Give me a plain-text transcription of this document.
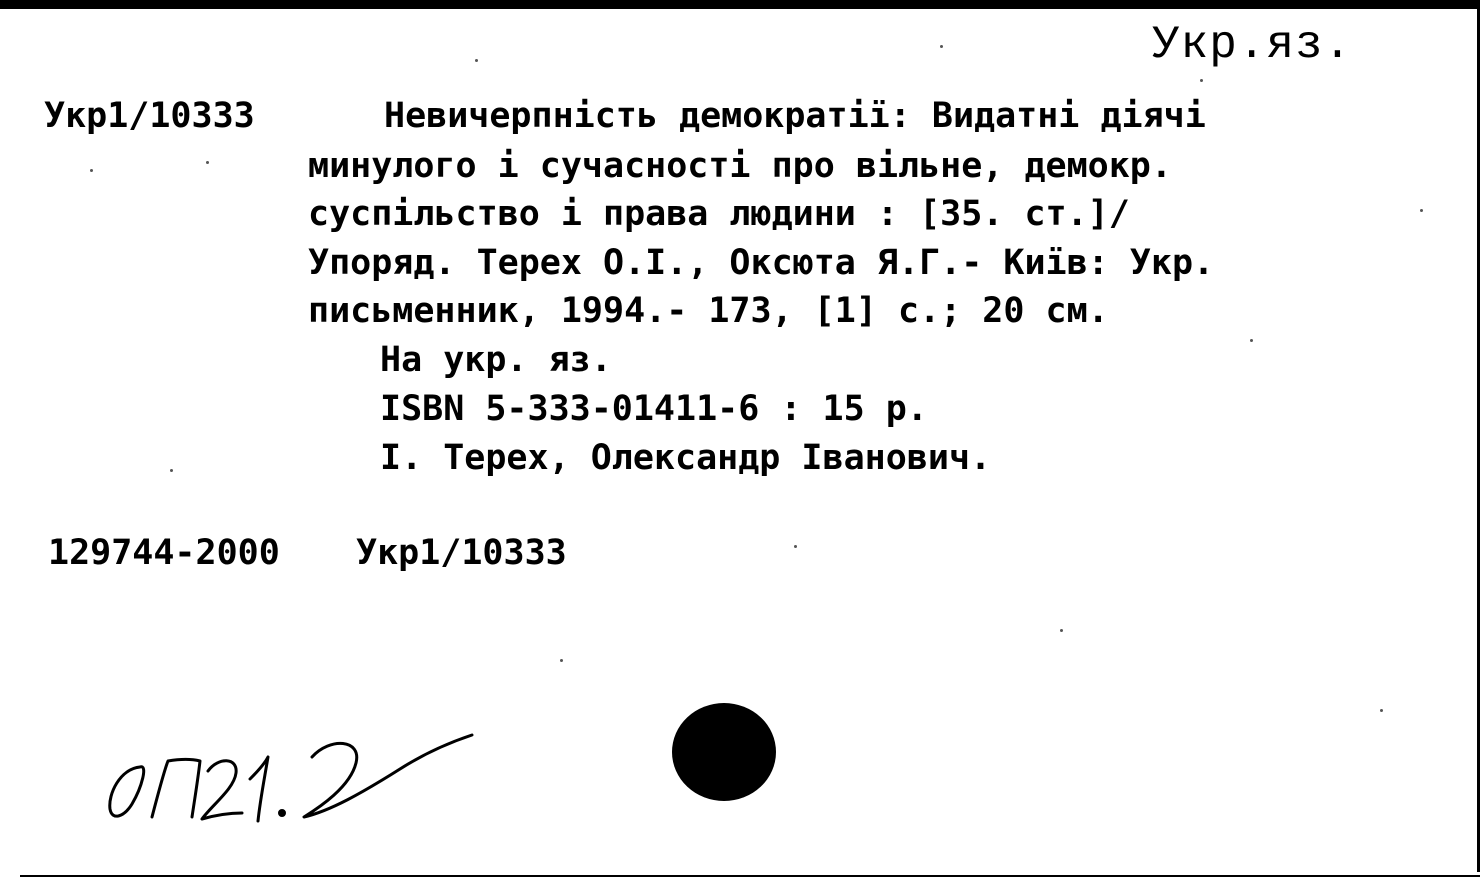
Укр.яз.
Укр1/10333	Невичерпність демократії: Видатні діячі
минулого і сучасності про вільне, демокр.
суспільство і права людини : [35. ст.]/
Упоряд. Терех О.І., Оксюта Я.Г.- Київ: Укр.
письменник, 1994.- 173, [1] с.; 20 см.
На укр. яз.
ISBN 5-333-01411-6 : 15 р.
I. Терех, Олександр Іванович.
129744-2000 Укр1/10333
